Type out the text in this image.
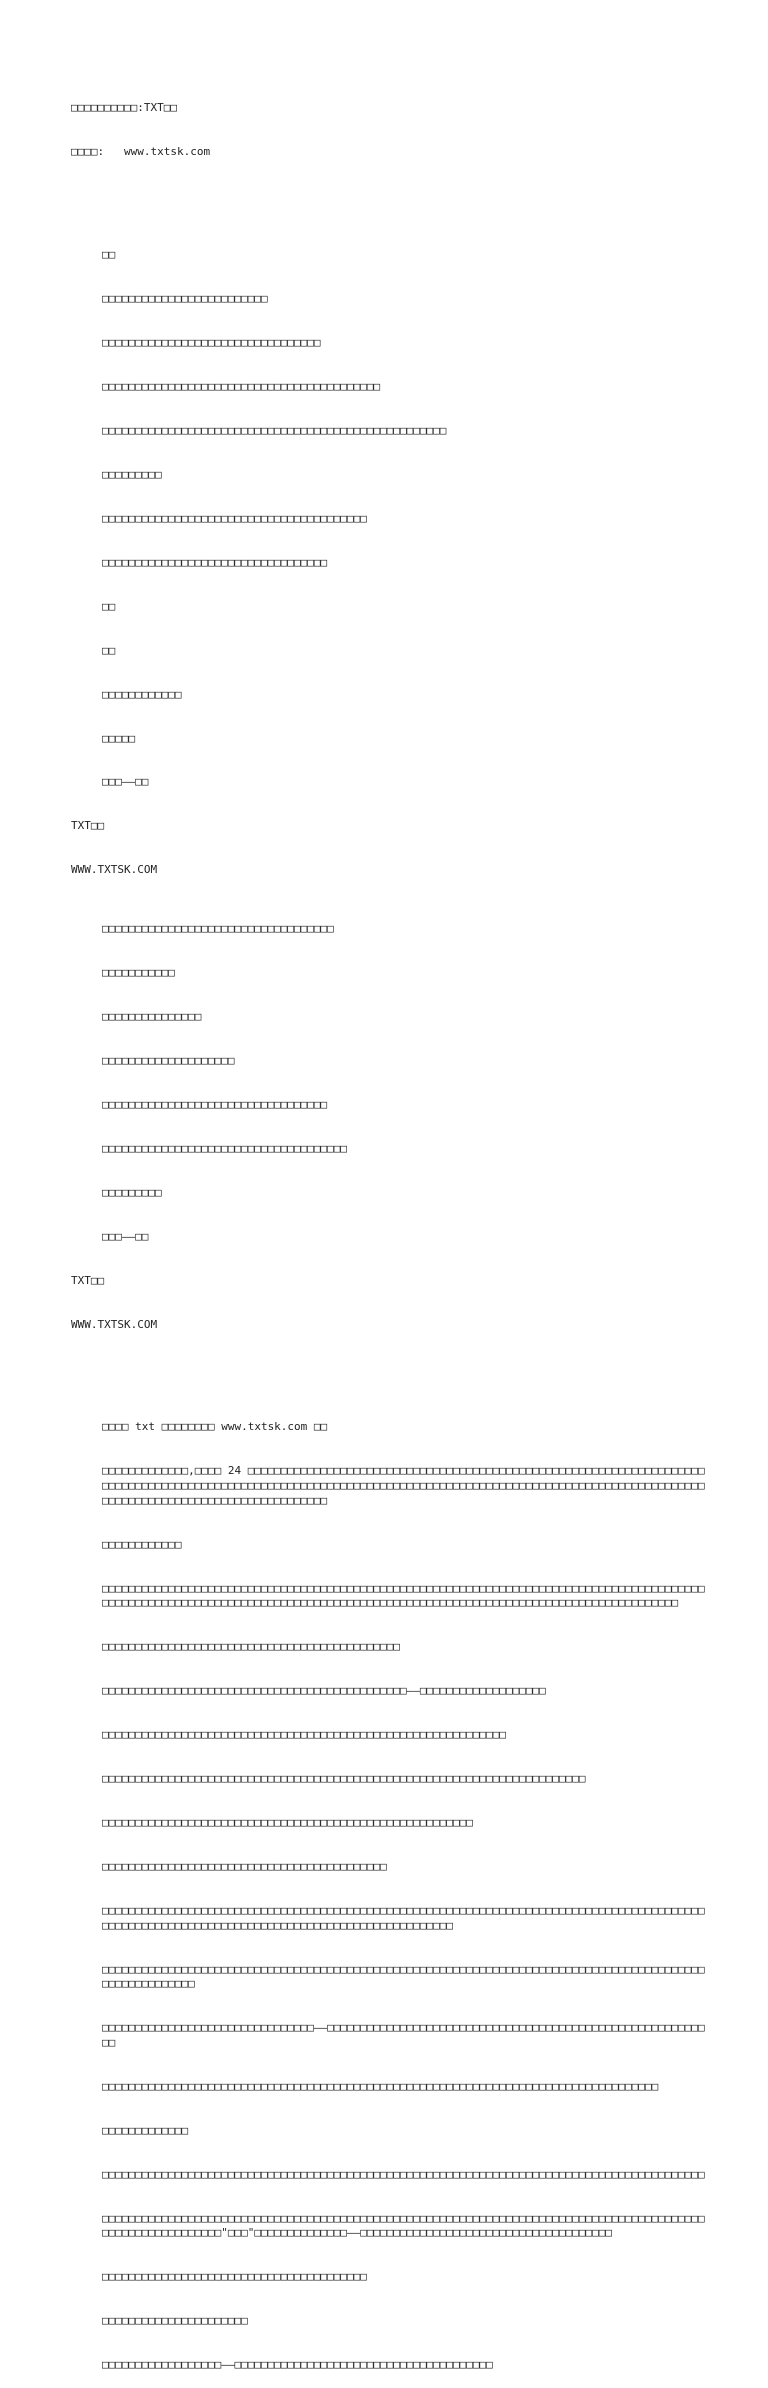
□□□□□□□□□□:TXT□□

□□□□:   www.txtsk.com

□□

□□□□□□□□□□□□□□□□□□□□□□□□□

□□□□□□□□□□□□□□□□□□□□□□□□□□□□□□□□□

□□□□□□□□□□□□□□□□□□□□□□□□□□□□□□□□□□□□□□□□□□

□□□□□□□□□□□□□□□□□□□□□□□□□□□□□□□□□□□□□□□□□□□□□□□□□□□□

□□□□□□□□□

□□□□□□□□□□□□□□□□□□□□□□□□□□□□□□□□□□□□□□□□

□□□□□□□□□□□□□□□□□□□□□□□□□□□□□□□□□□

□□

□□

□□□□□□□□□□□□

□□□□□

□□□——□□

TXT□□

WWW.TXTSK.COM

□□□□□□□□□□□□□□□□□□□□□□□□□□□□□□□□□□□

□□□□□□□□□□□

□□□□□□□□□□□□□□□

□□□□□□□□□□□□□□□□□□□□

□□□□□□□□□□□□□□□□□□□□□□□□□□□□□□□□□□

□□□□□□□□□□□□□□□□□□□□□□□□□□□□□□□□□□□□□

□□□□□□□□□

□□□——□□

TXT□□

WWW.TXTSK.COM

□□□□ txt □□□□□□□□ www.txtsk.com □□

□□□□□□□□□□□□□,□□□□ 24 □□□□□□□□□□□□□□□□□□□□□□□□□□□□□□□□□□□□□□□□□□□□□□□□□□□□□□□□□□□□□□□□□□□□□□□□□□□□□□□□□□□□□□□□□□□□□□□□□□□□□□□□□□□□□□□□□□□□□□□□□□□□□□□□□□□□□□□□□□□□□□□□□□□□□□□□□□□□□□□□□□□□□□□□□□□□□□□□□□□□□□□□□□□□□□□□□□

□□□□□□□□□□□□

□□□□□□□□□□□□□□□□□□□□□□□□□□□□□□□□□□□□□□□□□□□□□□□□□□□□□□□□□□□□□□□□□□□□□□□□□□□□□□□□□□□□□□□□□□□□□□□□□□□□□□□□□□□□□□□□□□□□□□□□□□□□□□□□□□□□□□□□□□□□□□□□□□□□□□□□□□□□□□□□□□□□□□□□□□□□□□□□□□

□□□□□□□□□□□□□□□□□□□□□□□□□□□□□□□□□□□□□□□□□□□□□

□□□□□□□□□□□□□□□□□□□□□□□□□□□□□□□□□□□□□□□□□□□□□□——□□□□□□□□□□□□□□□□□□□

□□□□□□□□□□□□□□□□□□□□□□□□□□□□□□□□□□□□□□□□□□□□□□□□□□□□□□□□□□□□□

□□□□□□□□□□□□□□□□□□□□□□□□□□□□□□□□□□□□□□□□□□□□□□□□□□□□□□□□□□□□□□□□□□□□□□□□□

□□□□□□□□□□□□□□□□□□□□□□□□□□□□□□□□□□□□□□□□□□□□□□□□□□□□□□□□

□□□□□□□□□□□□□□□□□□□□□□□□□□□□□□□□□□□□□□□□□□□

□□□□□□□□□□□□□□□□□□□□□□□□□□□□□□□□□□□□□□□□□□□□□□□□□□□□□□□□□□□□□□□□□□□□□□□□□□□□□□□□□□□□□□□□□□□□□□□□□□□□□□□□□□□□□□□□□□□□□□□□□□□□□□□□□□□□□□□□□□□□□□□□

□□□□□□□□□□□□□□□□□□□□□□□□□□□□□□□□□□□□□□□□□□□□□□□□□□□□□□□□□□□□□□□□□□□□□□□□□□□□□□□□□□□□□□□□□□□□□□□□□□□□□□□□□

□□□□□□□□□□□□□□□□□□□□□□□□□□□□□□□□——□□□□□□□□□□□□□□□□□□□□□□□□□□□□□□□□□□□□□□□□□□□□□□□□□□□□□□□□□□□

□□□□□□□□□□□□□□□□□□□□□□□□□□□□□□□□□□□□□□□□□□□□□□□□□□□□□□□□□□□□□□□□□□□□□□□□□□□□□□□□□□□□

□□□□□□□□□□□□□

□□□□□□□□□□□□□□□□□□□□□□□□□□□□□□□□□□□□□□□□□□□□□□□□□□□□□□□□□□□□□□□□□□□□□□□□□□□□□□□□□□□□□□□□□□□

□□□□□□□□□□□□□□□□□□□□□□□□□□□□□□□□□□□□□□□□□□□□□□□□□□□□□□□□□□□□□□□□□□□□□□□□□□□□□□□□□□□□□□□□□□□□□□□□□□□□□□□□□□□□□"□□□"□□□□□□□□□□□□□□——□□□□□□□□□□□□□□□□□□□□□□□□□□□□□□□□□□□□□□

□□□□□□□□□□□□□□□□□□□□□□□□□□□□□□□□□□□□□□□□

□□□□□□□□□□□□□□□□□□□□□□

□□□□□□□□□□□□□□□□□□——□□□□□□□□□□□□□□□□□□□□□□□□□□□□□□□□□□□□□□□
